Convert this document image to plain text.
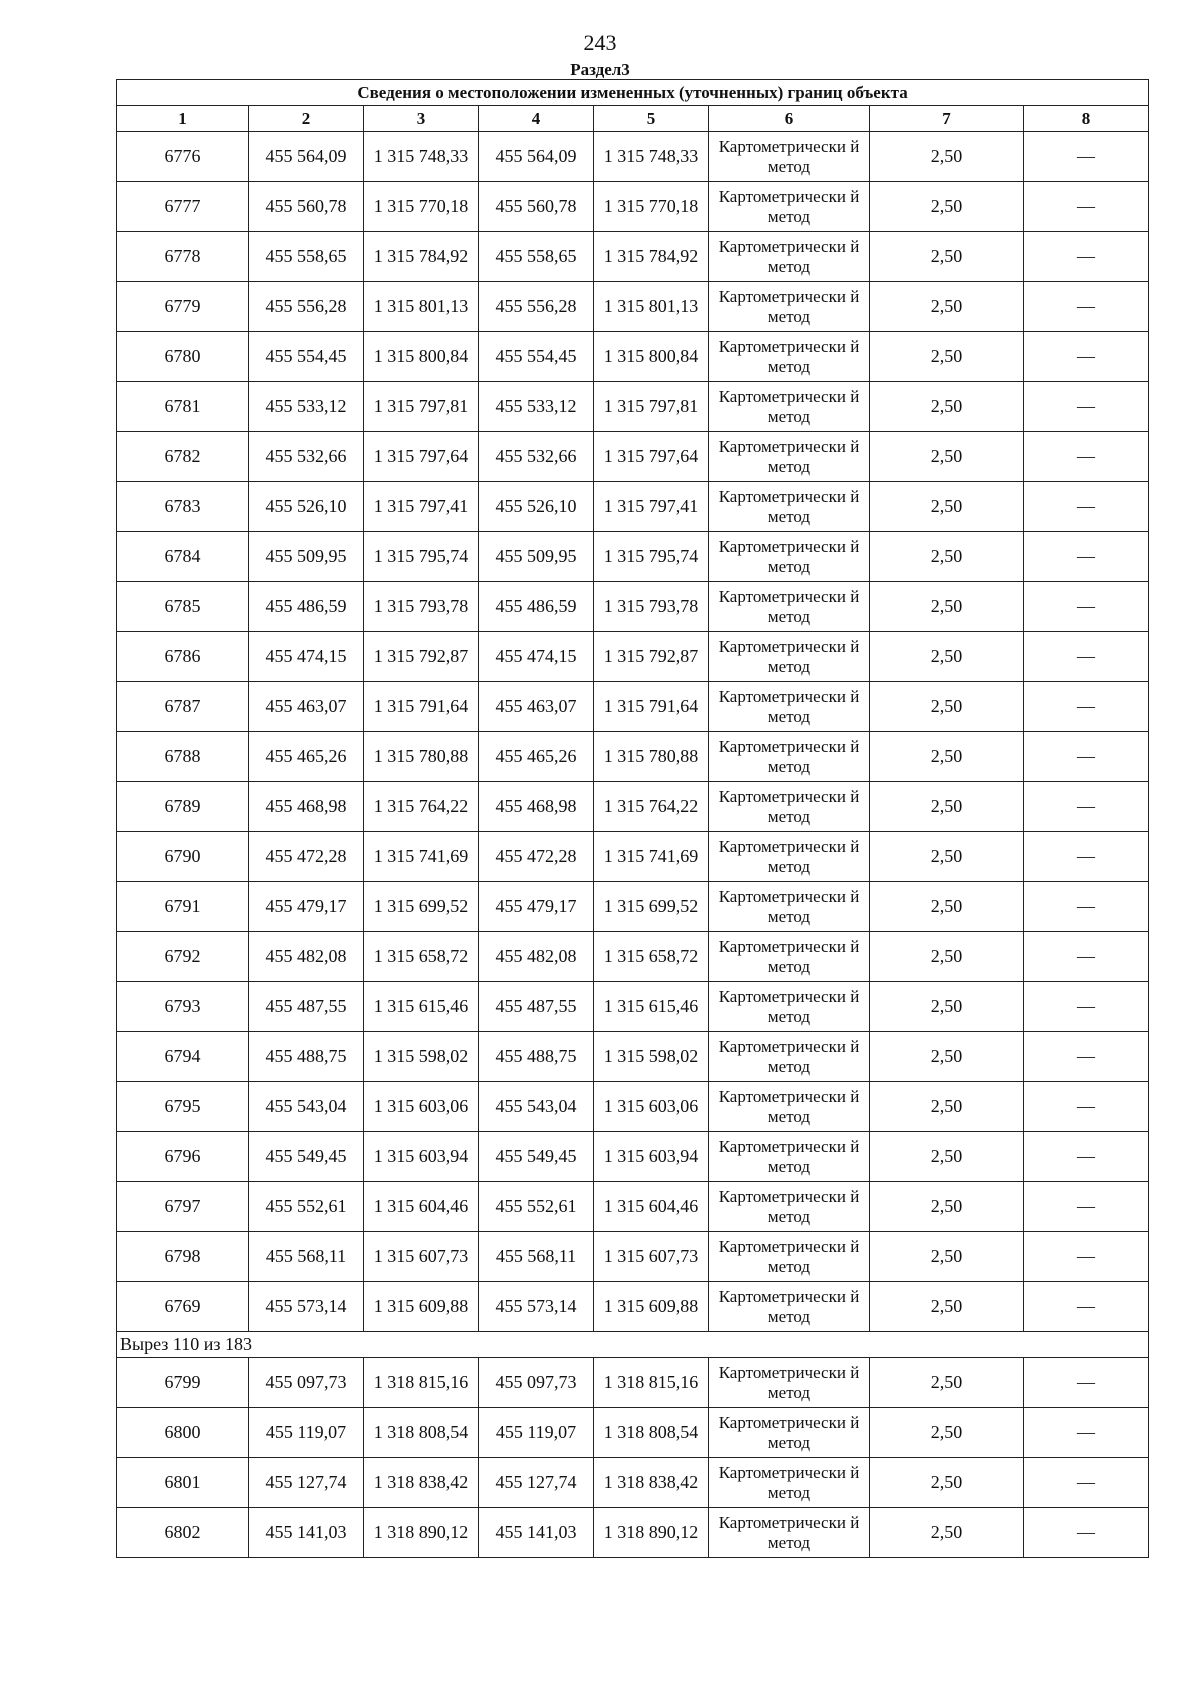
243
Раздел3
Сведения о местоположении измененных (уточненных) границ объекта							
1	2	3	4	5	6	7	8
6776	455 564,09	1 315 748,33	455 564,09	1 315 748,33	Картометрически й метод	2,50	—
6777	455 560,78	1 315 770,18	455 560,78	1 315 770,18	Картометрически й метод	2,50	—
6778	455 558,65	1 315 784,92	455 558,65	1 315 784,92	Картометрически й метод	2,50	—
6779	455 556,28	1 315 801,13	455 556,28	1 315 801,13	Картометрически й метод	2,50	—
6780	455 554,45	1 315 800,84	455 554,45	1 315 800,84	Картометрически й метод	2,50	—
6781	455 533,12	1 315 797,81	455 533,12	1 315 797,81	Картометрически й метод	2,50	—
6782	455 532,66	1 315 797,64	455 532,66	1 315 797,64	Картометрически й метод	2,50	—
6783	455 526,10	1 315 797,41	455 526,10	1 315 797,41	Картометрически й метод	2,50	—
6784	455 509,95	1 315 795,74	455 509,95	1 315 795,74	Картометрически й метод	2,50	—
6785	455 486,59	1 315 793,78	455 486,59	1 315 793,78	Картометрически й метод	2,50	—
6786	455 474,15	1 315 792,87	455 474,15	1 315 792,87	Картометрически й метод	2,50	—
6787	455 463,07	1 315 791,64	455 463,07	1 315 791,64	Картометрически й метод	2,50	—
6788	455 465,26	1 315 780,88	455 465,26	1 315 780,88	Картометрически й метод	2,50	—
6789	455 468,98	1 315 764,22	455 468,98	1 315 764,22	Картометрически й метод	2,50	—
6790	455 472,28	1 315 741,69	455 472,28	1 315 741,69	Картометрически й метод	2,50	—
6791	455 479,17	1 315 699,52	455 479,17	1 315 699,52	Картометрически й метод	2,50	—
6792	455 482,08	1 315 658,72	455 482,08	1 315 658,72	Картометрически й метод	2,50	—
6793	455 487,55	1 315 615,46	455 487,55	1 315 615,46	Картометрически й метод	2,50	—
6794	455 488,75	1 315 598,02	455 488,75	1 315 598,02	Картометрически й метод	2,50	—
6795	455 543,04	1 315 603,06	455 543,04	1 315 603,06	Картометрически й метод	2,50	—
6796	455 549,45	1 315 603,94	455 549,45	1 315 603,94	Картометрически й метод	2,50	—
6797	455 552,61	1 315 604,46	455 552,61	1 315 604,46	Картометрически й метод	2,50	—
6798	455 568,11	1 315 607,73	455 568,11	1 315 607,73	Картометрически й метод	2,50	—
6769	455 573,14	1 315 609,88	455 573,14	1 315 609,88	Картометрически й метод	2,50	—
Вырез 110 из 183							
6799	455 097,73	1 318 815,16	455 097,73	1 318 815,16	Картометрически й метод	2,50	—
6800	455 119,07	1 318 808,54	455 119,07	1 318 808,54	Картометрически й метод	2,50	—
6801	455 127,74	1 318 838,42	455 127,74	1 318 838,42	Картометрически й метод	2,50	—
6802	455 141,03	1 318 890,12	455 141,03	1 318 890,12	Картометрически й метод	2,50	—
